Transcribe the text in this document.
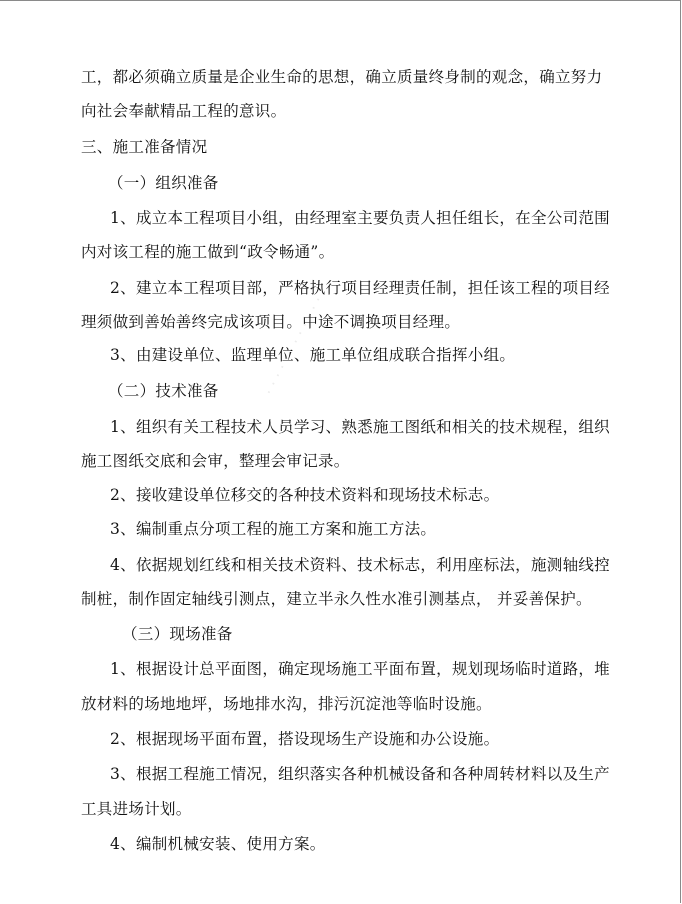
· · · · · · · · · · · ·
工，都必须确立质量是企业生命的思想，确立质量终身制的观念，确立努力
向社会奉献精品工程的意识。
三、施工准备情况
（一）组织准备
1、成立本工程项目小组，由经理室主要负责人担任组长，在全公司范围
内对该工程的施工做到“政令畅通”。
2、建立本工程项目部，严格执行项目经理责任制，担任该工程的项目经
理须做到善始善终完成该项目。中途不调换项目经理。
3、由建设单位、监理单位、施工单位组成联合指挥小组。
（二）技术准备
1、组织有关工程技术人员学习、熟悉施工图纸和相关的技术规程，组织
施工图纸交底和会审，整理会审记录。
2、接收建设单位移交的各种技术资料和现场技术标志。
3、编制重点分项工程的施工方案和施工方法。
4、依据规划红线和相关技术资料、技术标志，利用座标法，施测轴线控
制桩，制作固定轴线引测点，建立半永久性水准引测基点， 并妥善保护。
（三）现场准备
1、根据设计总平面图，确定现场施工平面布置，规划现场临时道路，堆
放材料的场地地坪，场地排水沟，排污沉淀池等临时设施。
2、根据现场平面布置，搭设现场生产设施和办公设施。
3、根据工程施工情况，组织落实各种机械设备和各种周转材料以及生产
工具进场计划。
4、编制机械安装、使用方案。
